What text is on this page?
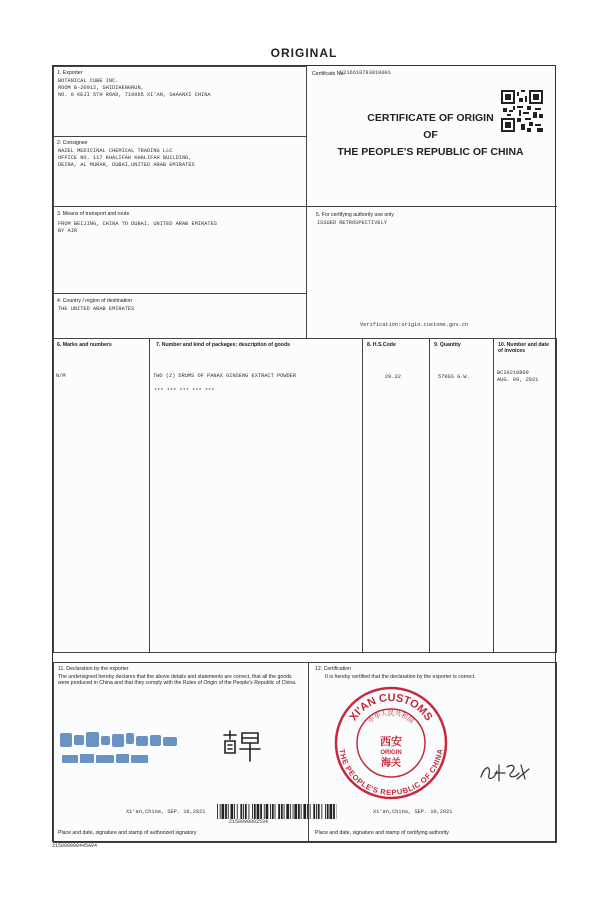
ORIGINAL
1. Exporter
BOTANICAL CUBE INC.
ROOM B-20912, SHIDIHENGRUN,
NO. 8 KEJI 5TH ROAD, 710065 XI'AN, SHAANXI CHINA
Certificate No.
C216610783010001
CERTIFICATE OF ORIGIN
OF
THE PEOPLE'S REPUBLIC OF CHINA
2. Consignee
NAZEL MEDICINAL CHEMICAL TRADING LLC
OFFICE NO. 117 KHALIFAH KHALIFAH BUILDING,
DEIRA, AL MURAR, DUBAI,UNITED ARAB EMIRATES
5. For certifying authority use only
ISSUED RETROSPECTIVELY
Verification:origin.customs.gov.cn
3. Means of transport and route
FROM BEIJING, CHINA TO DUBAI, UNITED ARAB EMIRATES
BY AIR
4. Country / region of destination
THE UNITED ARAB EMIRATES
6. Marks and numbers
N/M
7. Number and kind of packages; description of goods
TWO (2) DRUMS OF PANAX GINSENG EXTRACT POWDER
*** *** *** *** ***
8. H.S.Code
29.32
9. Quantity
57KGS G.W.
10. Number and date of invoices
BC20210809
AUG. 09, 2021
11. Declaration by the exporter
The undersigned hereby declares that the above details and statements are correct, that all the goods were produced in China and that they comply with the Rules of Origin of the People's Republic of China.
Xi'an,China, SEP. 10,2021
Place and date, signature and stamp of authorized signatory
12. Certification
It is hereby certified that the declaration by the exporter is correct.
XI'AN CUSTOMS
THE PEOPLE'S REPUBLIC OF CHINA
中华人民共和国
西安
ORIGIN
海关
Xi'an,China, SEP. 10,2021
Place and date, signature and stamp of certifying authority
2150000002534
215000000445A04
